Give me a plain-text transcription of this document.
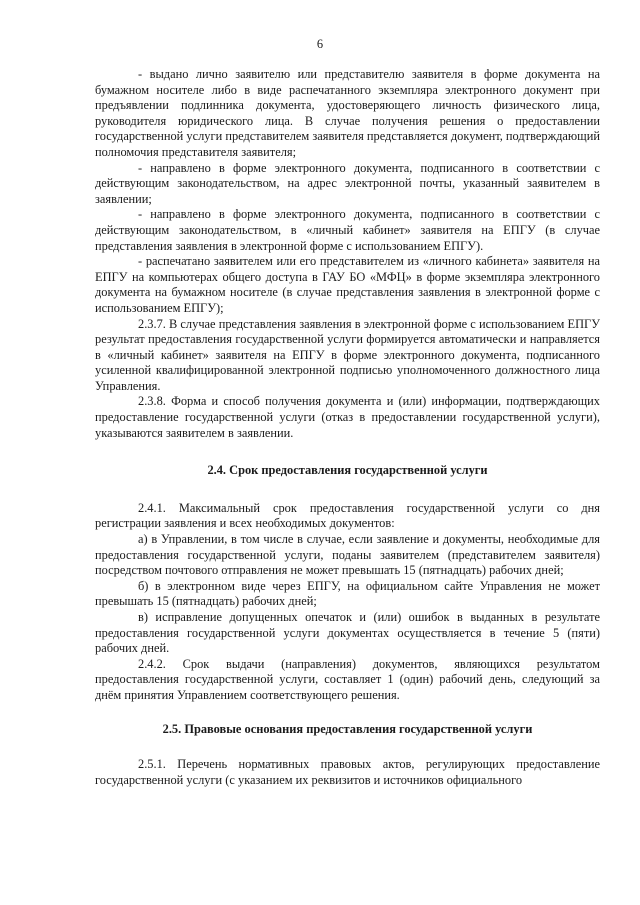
6

- выдано лично заявителю или представителю заявителя в форме документа на бумажном носителе либо в виде распечатанного экземпляра электронного документ при предъявлении подлинника документа, удостоверяющего личность физического лица, руководителя юридического лица. В случае получения решения о предоставлении государственной услуги представителем заявителя представляется документ, подтверждающий полномочия представителя заявителя;

- направлено в форме электронного документа, подписанного в соответствии с действующим законодательством, на адрес электронной почты, указанный заявителем в заявлении;

- направлено в форме электронного документа, подписанного в соответствии с действующим законодательством, в «личный кабинет» заявителя на ЕПГУ (в случае представления заявления в электронной форме с использованием ЕПГУ).

- распечатано заявителем или его представителем из «личного кабинета» заявителя на ЕПГУ на компьютерах общего доступа в ГАУ БО «МФЦ» в форме экземпляра электронного документа на бумажном носителе (в случае представления заявления в электронной форме с использованием ЕПГУ);

2.3.7. В случае представления заявления в электронной форме с использованием ЕПГУ результат предоставления государственной услуги формируется автоматически и направляется в «личный кабинет» заявителя на ЕПГУ в форме электронного документа, подписанного усиленной квалифицированной электронной подписью уполномоченного должностного лица Управления.

2.3.8. Форма и способ получения документа и (или) информации, подтверждающих предоставление государственной услуги (отказ в предоставлении государственной услуги), указываются заявителем в заявлении.

2.4. Срок предоставления государственной услуги

2.4.1. Максимальный срок предоставления государственной услуги со дня регистрации заявления и всех необходимых документов:

а) в Управлении, в том числе в случае, если заявление и документы, необходимые для предоставления государственной услуги, поданы заявителем (представителем заявителя) посредством почтового отправления не может превышать 15 (пятнадцать) рабочих дней;

б) в электронном виде через ЕПГУ, на официальном сайте Управления не может превышать 15 (пятнадцать) рабочих дней;

в) исправление допущенных опечаток и (или) ошибок в выданных в результате предоставления государственной услуги документах осуществляется в течение 5 (пяти) рабочих дней.

2.4.2. Срок выдачи (направления) документов, являющихся результатом предоставления государственной услуги, составляет 1 (один) рабочий день, следующий за днём принятия Управлением соответствующего решения.

2.5. Правовые основания предоставления государственной услуги

2.5.1. Перечень нормативных правовых актов, регулирующих предоставление государственной услуги (с указанием их реквизитов и источников официального
